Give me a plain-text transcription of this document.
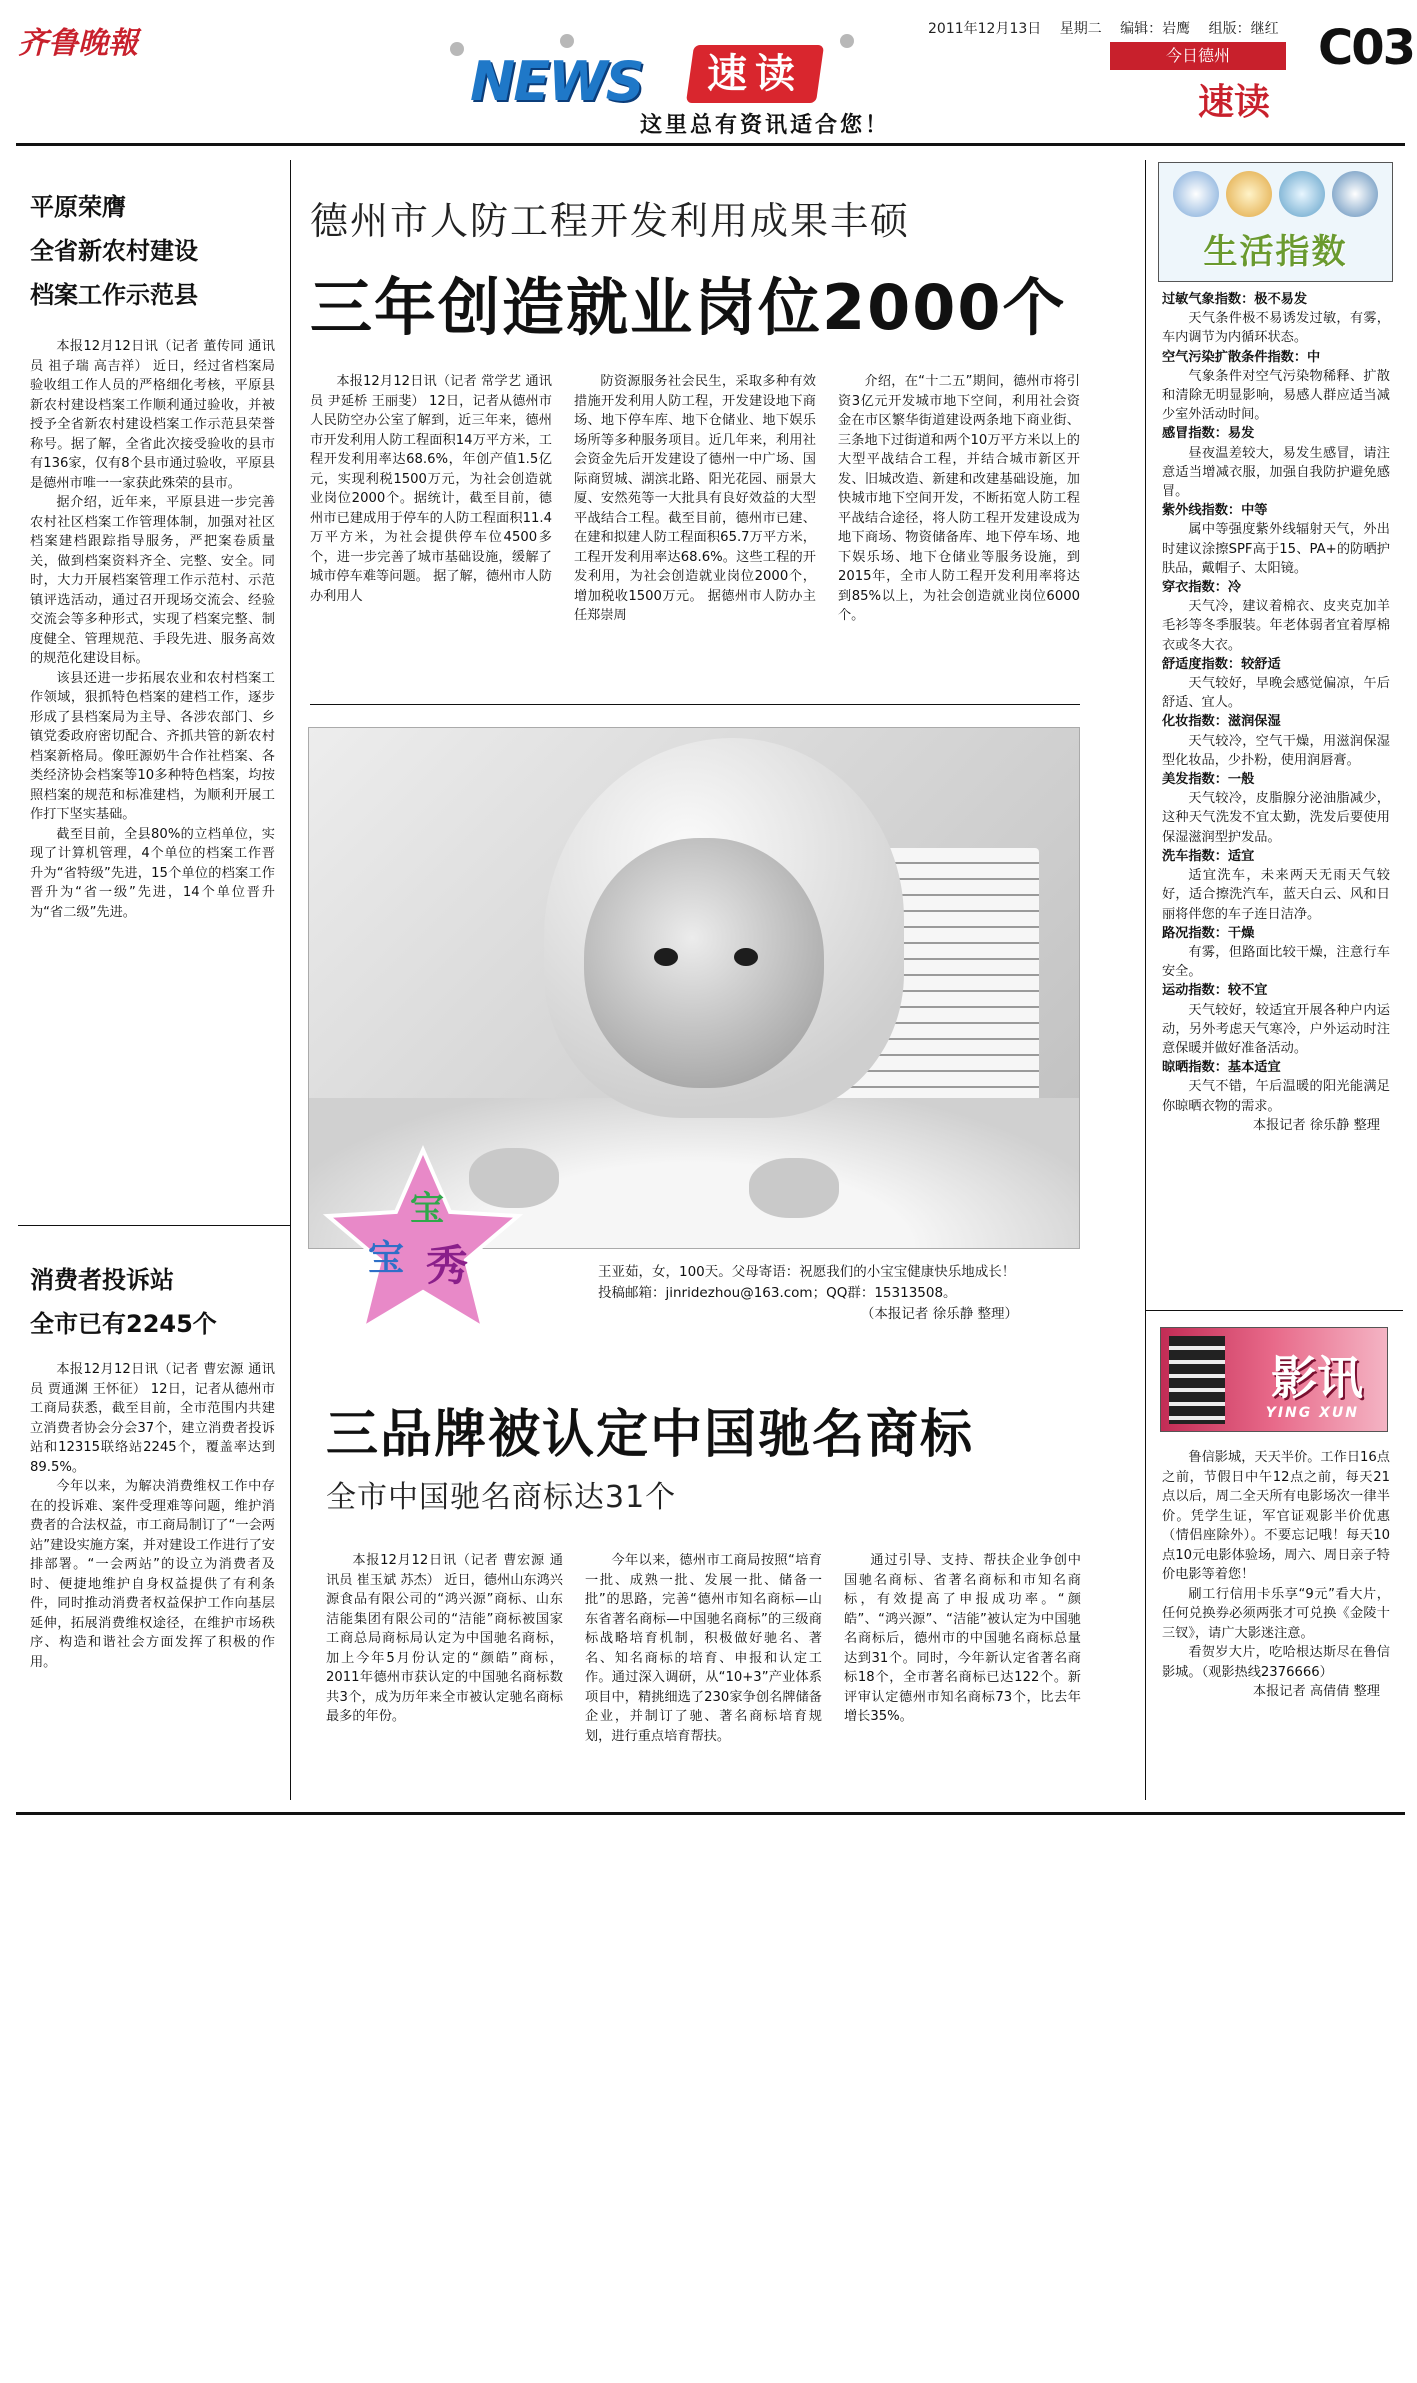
齐鲁晚報
NEWS	速读
这里总有资讯适合您！
2011年12月13日 星期二 编辑：岩鹰 组版：继红
今日德州
速读
C03
平原荣膺
全省新农村建设
档案工作示范县

本报12月12日讯（记者 董传同 通讯员 祖子瑞 高吉祥） 近日，经过省档案局验收组工作人员的严格细化考核，平原县新农村建设档案工作顺利通过验收，并被授予全省新农村建设档案工作示范县荣誉称号。据了解，全省此次接受验收的县市有136家，仅有8个县市通过验收，平原县是德州市唯一一家获此殊荣的县市。

据介绍，近年来，平原县进一步完善农村社区档案工作管理体制，加强对社区档案建档跟踪指导服务，严把案卷质量关，做到档案资料齐全、完整、安全。同时，大力开展档案管理工作示范村、示范镇评选活动，通过召开现场交流会、经验交流会等多种形式，实现了档案完整、制度健全、管理规范、手段先进、服务高效的规范化建设目标。

该县还进一步拓展农业和农村档案工作领域，狠抓特色档案的建档工作，逐步形成了县档案局为主导、各涉农部门、乡镇党委政府密切配合、齐抓共管的新农村档案新格局。像旺源奶牛合作社档案、各类经济协会档案等10多种特色档案，均按照档案的规范和标准建档，为顺利开展工作打下坚实基础。

截至目前，全县80%的立档单位，实现了计算机管理，4个单位的档案工作晋升为“省特级”先进，15个单位的档案工作晋升为“省一级”先进，14个单位晋升为“省二级”先进。

德州市人防工程开发利用成果丰硕
三年创造就业岗位2000个

本报12月12日讯（记者 常学艺 通讯员 尹延桥 王丽斐） 12日，记者从德州市人民防空办公室了解到，近三年来，德州市开发利用人防工程面积14万平方米，工程开发利用率达68.6%，年创产值1.5亿元，实现利税1500万元，为社会创造就业岗位2000个。据统计，截至目前，德州市已建成用于停车的人防工程面积11.4万平方米，为社会提供停车位4500多个，进一步完善了城市基础设施，缓解了城市停车难等问题。 据了解，德州市人防办利用人

防资源服务社会民生，采取多种有效措施开发利用人防工程，开发建设地下商场、地下停车库、地下仓储业、地下娱乐场所等多种服务项目。近几年来，利用社会资金先后开发建设了德州一中广场、国际商贸城、湖滨北路、阳光花园、丽景大厦、安然苑等一大批具有良好效益的大型平战结合工程。截至目前，德州市已建、在建和拟建人防工程面积65.7万平方米，工程开发利用率达68.6%。这些工程的开发利用，为社会创造就业岗位2000个，增加税收1500万元。 据德州市人防办主任郑崇周

介绍，在“十二五”期间，德州市将引资3亿元开发城市地下空间，利用社会资金在市区繁华街道建设两条地下商业街、三条地下过街道和两个10万平方米以上的大型平战结合工程，并结合城市新区开发、旧城改造、新建和改建基础设施，加快城市地下空间开发，不断拓宽人防工程平战结合途径，将人防工程开发建设成为地下商场、物资储备库、地下停车场、地下娱乐场、地下仓储业等服务设施，到2015年，全市人防工程开发利用率将达到85%以上，为社会创造就业岗位6000个。

宝
宝 秀	王亚茹，女，100天。父母寄语：祝愿我们的小宝宝健康快乐地成长！
投稿邮箱：jinridezhou@163.com；QQ群：15313508。
（本报记者 徐乐静 整理）
消费者投诉站
全市已有2245个

本报12月12日讯（记者 曹宏源 通讯员 贾通渊 王怀征） 12日，记者从德州市工商局获悉，截至目前，全市范围内共建立消费者协会分会37个，建立消费者投诉站和12315联络站2245个，覆盖率达到89.5%。

今年以来，为解决消费维权工作中存在的投诉难、案件受理难等问题，维护消费者的合法权益，市工商局制订了“一会两站”建设实施方案，并对建设工作进行了安排部署。“一会两站”的设立为消费者及时、便捷地维护自身权益提供了有利条件，同时推动消费者权益保护工作向基层延伸，拓展消费维权途径，在维护市场秩序、构造和谐社会方面发挥了积极的作用。

三品牌被认定中国驰名商标
全市中国驰名商标达31个

本报12月12日讯（记者 曹宏源 通讯员 崔玉斌 苏杰） 近日，德州山东鸿兴源食品有限公司的“鸿兴源”商标、山东洁能集团有限公司的“洁能”商标被国家工商总局商标局认定为中国驰名商标，加上今年5月份认定的“颜皓”商标，2011年德州市获认定的中国驰名商标数共3个，成为历年来全市被认定驰名商标最多的年份。

今年以来，德州市工商局按照“培育一批、成熟一批、发展一批、储备一批”的思路，完善“德州市知名商标—山东省著名商标—中国驰名商标”的三级商标战略培育机制，积极做好驰名、著名、知名商标的培育、申报和认定工作。通过深入调研，从“10+3”产业体系项目中，精挑细选了230家争创名牌储备企业，并制订了驰、著名商标培育规划，进行重点培育帮扶。

通过引导、支持、帮扶企业争创中国驰名商标、省著名商标和市知名商标，有效提高了申报成功率。“颜皓”、“鸿兴源”、“洁能”被认定为中国驰名商标后，德州市的中国驰名商标总量达到31个。同时，今年新认定省著名商标18个，全市著名商标已达122个。新评审认定德州市知名商标73个，比去年增长35%。

生活指数
过敏气象指数：极不易发
天气条件极不易诱发过敏，有雾，车内调节为内循环状态。
空气污染扩散条件指数：中
气象条件对空气污染物稀释、扩散和清除无明显影响，易感人群应适当减少室外活动时间。
感冒指数：易发
昼夜温差较大，易发生感冒，请注意适当增减衣服，加强自我防护避免感冒。
紫外线指数：中等
属中等强度紫外线辐射天气，外出时建议涂擦SPF高于15、PA+的防晒护肤品，戴帽子、太阳镜。
穿衣指数：冷
天气冷，建议着棉衣、皮夹克加羊毛衫等冬季服装。年老体弱者宜着厚棉衣或冬大衣。
舒适度指数：较舒适
天气较好，早晚会感觉偏凉，午后舒适、宜人。
化妆指数：滋润保湿
天气较冷，空气干燥，用滋润保湿型化妆品，少扑粉，使用润唇膏。
美发指数：一般
天气较冷，皮脂腺分泌油脂减少，这种天气洗发不宜太勤，洗发后要使用保湿滋润型护发品。
洗车指数：适宜
适宜洗车，未来两天无雨天气较好，适合擦洗汽车，蓝天白云、风和日丽将伴您的车子连日洁净。
路况指数：干燥
有雾，但路面比较干燥，注意行车安全。
运动指数：较不宜
天气较好，较适宜开展各种户内运动，另外考虑天气寒冷，户外运动时注意保暖并做好准备活动。
晾晒指数：基本适宜
天气不错，午后温暖的阳光能满足你晾晒衣物的需求。
本报记者 徐乐静 整理
影讯
YING XUN

鲁信影城，天天半价。工作日16点之前，节假日中午12点之前，每天21点以后，周二全天所有电影场次一律半价。凭学生证，军官证观影半价优惠（情侣座除外）。不要忘记哦！每天10点10元电影体验场，周六、周日亲子特价电影等着您！

刷工行信用卡乐享“9元”看大片，任何兑换券必须两张才可兑换《金陵十三钗》，请广大影迷注意。

看贺岁大片，吃哈根达斯尽在鲁信影城。（观影热线2376666）

本报记者 高倩倩 整理
